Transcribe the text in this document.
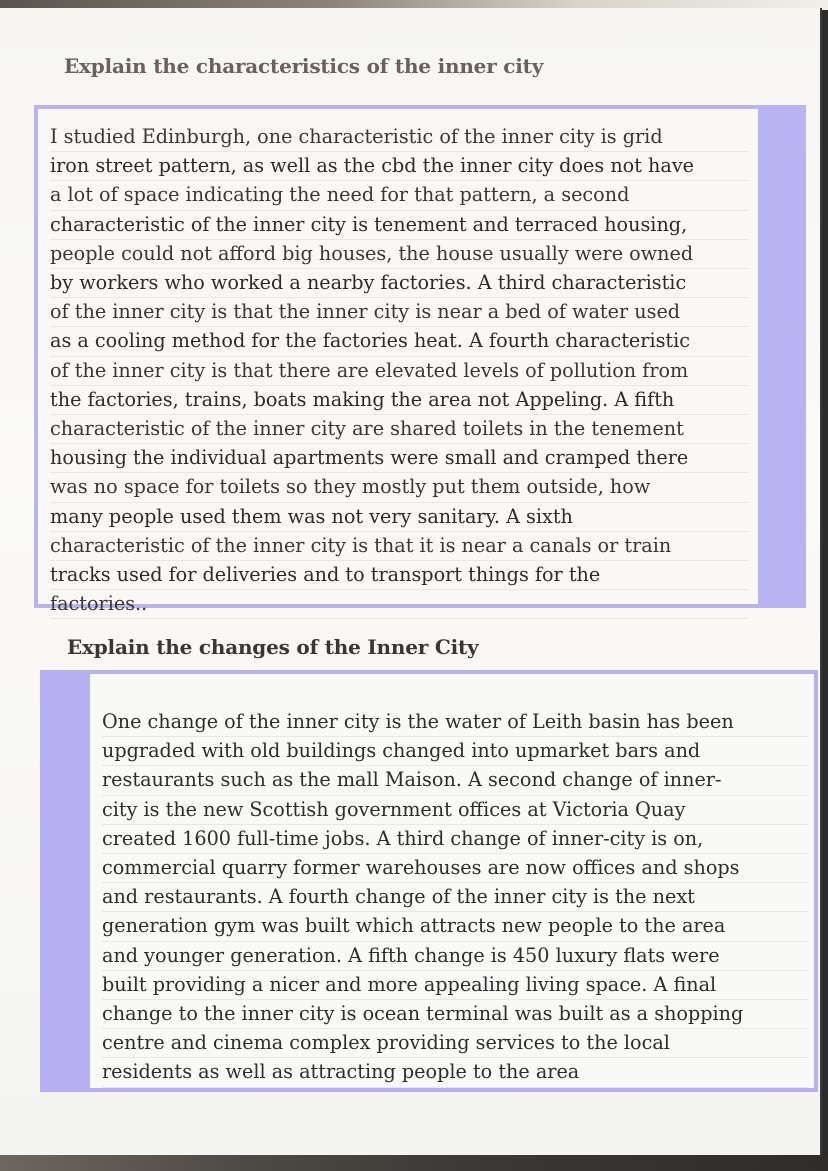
Explain the characteristics of the inner city

I studied Edinburgh, one characteristic of the inner city is grid
iron street pattern, as well as the cbd the inner city does not have
a lot of space indicating the need for that pattern, a second
characteristic of the inner city is tenement and terraced housing,
people could not afford big houses, the house usually were owned
by workers who worked a nearby factories. A third characteristic
of the inner city is that the inner city is near a bed of water used
as a cooling method for the factories heat. A fourth characteristic
of the inner city is that there are elevated levels of pollution from
the factories, trains, boats making the area not Appeling. A fifth
characteristic of the inner city are shared toilets in the tenement
housing the individual apartments were small and cramped there
was no space for toilets so they mostly put them outside, how
many people used them was not very sanitary. A sixth
characteristic of the inner city is that it is near a canals or train
tracks used for deliveries and to transport things for the
factories..

Explain the changes of the Inner City

One change of the inner city is the water of Leith basin has been
upgraded with old buildings changed into upmarket bars and
restaurants such as the mall Maison. A second change of inner-
city is the new Scottish government offices at Victoria Quay
created 1600 full-time jobs. A third change of inner-city is on,
commercial quarry former warehouses are now offices and shops
and restaurants. A fourth change of the inner city is the next
generation gym was built which attracts new people to the area
and younger generation. A fifth change is 450 luxury flats were
built providing a nicer and more appealing living space. A final
change to the inner city is ocean terminal was built as a shopping
centre and cinema complex providing services to the local
residents as well as attracting people to the area
